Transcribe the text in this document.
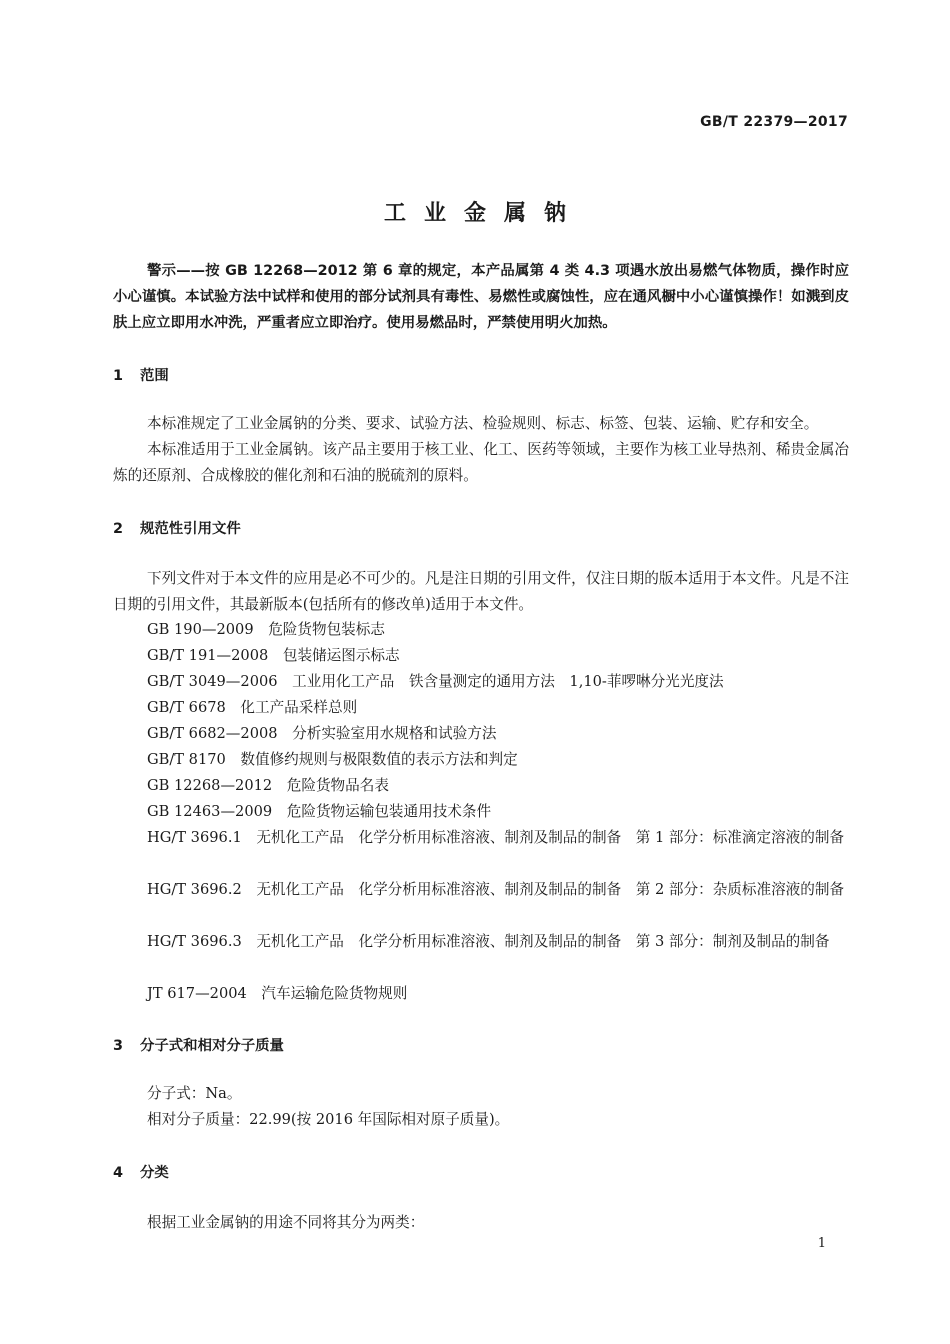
GB/T 22379—2017
工业金属钠
警示——按 GB 12268—2012 第 6 章的规定，本产品属第 4 类 4.3 项遇水放出易燃气体物质，操作时应小心谨慎。本试验方法中试样和使用的部分试剂具有毒性、易燃性或腐蚀性，应在通风橱中小心谨慎操作！如溅到皮肤上应立即用水冲洗，严重者应立即治疗。使用易燃品时，严禁使用明火加热。
1 范围

本标准规定了工业金属钠的分类、要求、试验方法、检验规则、标志、标签、包装、运输、贮存和安全。

本标准适用于工业金属钠。该产品主要用于核工业、化工、医药等领域，主要作为核工业导热剂、稀贵金属冶炼的还原剂、合成橡胶的催化剂和石油的脱硫剂的原料。

2 规范性引用文件

下列文件对于本文件的应用是必不可少的。凡是注日期的引用文件，仅注日期的版本适用于本文件。凡是不注日期的引用文件，其最新版本(包括所有的修改单)适用于本文件。

GB 190—2009　危险货物包装标志

GB/T 191—2008　包装储运图示标志

GB/T 3049—2006　工业用化工产品　铁含量测定的通用方法　1,10-菲啰啉分光光度法

GB/T 6678　化工产品采样总则

GB/T 6682—2008　分析实验室用水规格和试验方法

GB/T 8170　数值修约规则与极限数值的表示方法和判定

GB 12268—2012　危险货物品名表

GB 12463—2009　危险货物运输包装通用技术条件

HG/T 3696.1　无机化工产品　化学分析用标准溶液、制剂及制品的制备　第 1 部分：标准滴定溶液的制备

HG/T 3696.2　无机化工产品　化学分析用标准溶液、制剂及制品的制备　第 2 部分：杂质标准溶液的制备

HG/T 3696.3　无机化工产品　化学分析用标准溶液、制剂及制品的制备　第 3 部分：制剂及制品的制备

JT 617—2004　汽车运输危险货物规则

3 分子式和相对分子质量

分子式：Na。

相对分子质量：22.99(按 2016 年国际相对原子质量)。

4 分类

根据工业金属钠的用途不同将其分为两类：

1
